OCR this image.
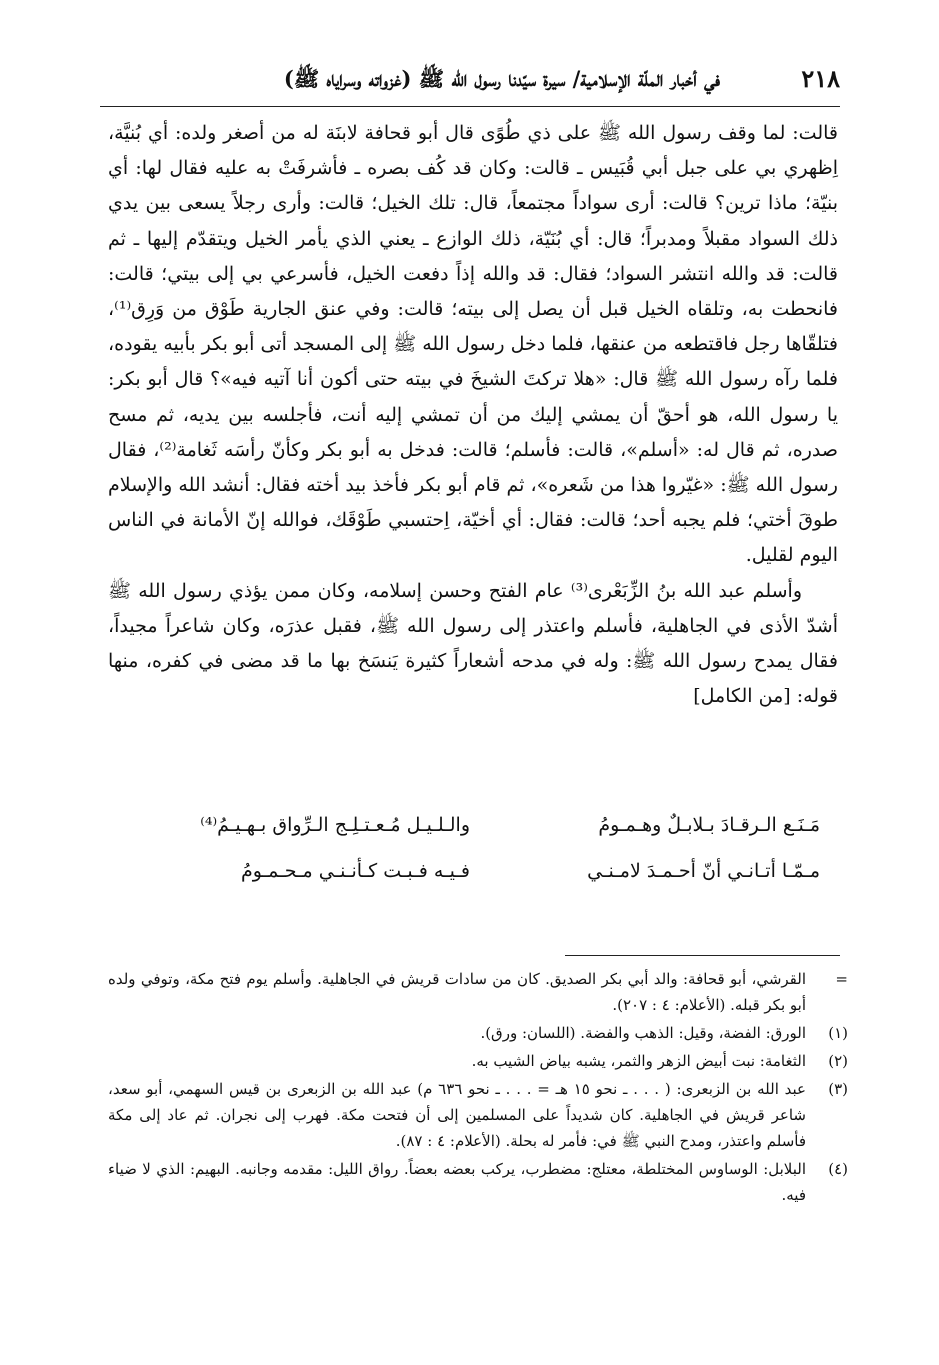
٢١٨
في أخبار الملّة الإسلامية/ سيرة سيّدنا رسول الله ﷺ (غزواته وسراياه ﷺ)

قالت: لما وقف رسول الله ﷺ على ذي طُوًى قال أبو قحافة لابنَة له من أصغر ولده: أي بُنيَّة، اِظهري بي على جبل أبي قُبَيس ـ قالت: وكان قد كُف بصره ـ فأشرفَتْ به عليه فقال لها: أي بنيّة؛ ماذا ترين؟ قالت: أرى سواداً مجتمعاً، قال: تلك الخيل؛ قالت: وأرى رجلاً يسعى بين يدي ذلك السواد مقبلاً ومدبراً؛ قال: أي بُنَيّة، ذلك الوازع ـ يعني الذي يأمر الخيل ويتقدّم إليها ـ ثم قالت: قد والله انتشر السواد؛ فقال: قد والله إذاً دفعت الخيل، فأسرعي بي إلى بيتي؛ قالت: فانحطت به، وتلقاه الخيل قبل أن يصل إلى بيته؛ قالت: وفي عنق الجارية طَوْق من وَرِق⁽¹⁾، فتلقّاها رجل فاقتطعه من عنقها، فلما دخل رسول الله ﷺ إلى المسجد أتى أبو بكر بأبيه يقوده، فلما رآه رسول الله ﷺ قال: «هلا تركتَ الشيخَ في بيته حتى أكون أنا آتيه فيه»؟ قال أبو بكر: يا رسول الله، هو أحقّ أن يمشي إليك من أن تمشي إليه أنت، فأجلسه بين يديه، ثم مسح صدره، ثم قال له: «أسلم»، قالت: فأسلم؛ قالت: فدخل به أبو بكر وكأنّ رأسَه ثَغامة⁽²⁾، فقال رسول الله ﷺ: «غيّروا هذا من شَعره»، ثم قام أبو بكر فأخذ بيد أخته فقال: أنشد الله والإسلام طوقَ أختي؛ فلم يجبه أحد؛ قالت: فقال: أي أخيّة، اِحتسبي طَوْقَك، فوالله إنّ الأمانة في الناس اليوم لقليل.

وأسلم عبد الله بنُ الزِّبَعْرى⁽³⁾ عام الفتح وحسن إسلامه، وكان ممن يؤذي رسول الله ﷺ أشدّ الأذى في الجاهلية، فأسلم واعتذر إلى رسول الله ﷺ، فقبل عذرَه، وكان شاعراً مجيداً، فقال يمدح رسول الله ﷺ: وله في مدحه أشعاراً كثيرة يَنسَخ بها ما قد مضى في كفره، منها قوله: [من الكامل]

مَـنَـع الـرقـادَ بـلابـلٌ وهـمـومُ
والـلـيـل مُـعـتـلِـج الـرِّواق بـهـيـمُ⁽⁴⁾
مـمّـا أتـانـي أنّ أحـمـدَ لامـنـي
فـيـه فـبـت كـأنـنـي مـحـمـومُ
=
القرشي، أبو قحافة: والد أبي بكر الصديق. كان من سادات قريش في الجاهلية. وأسلم يوم فتح مكة، وتوفي ولده أبو بكر قبله. (الأعلام: ٤ : ٢٠٧).
(١)
الورق: الفضة، وقيل: الذهب والفضة. (اللسان: ورق).
(٢)
الثغامة: نبت أبيض الزهر والثمر، يشبه بياض الشيب به.
(٣)
عبد الله بن الزبعرى: ( . . . ـ نحو ١٥ هـ = . . . ـ نحو ٦٣٦ م) عبد الله بن الزبعرى بن قيس السهمي، أبو سعد، شاعر قريش في الجاهلية. كان شديداً على المسلمين إلى أن فتحت مكة. فهرب إلى نجران. ثم عاد إلى مكة فأسلم واعتذر، ومدح النبي ﷺ في: فأمر له بحلة. (الأعلام: ٤ : ٨٧).
(٤)
البلابل: الوساوس المختلطة، معتلج: مضطرب، يركب بعضه بعضاً. رواق الليل: مقدمه وجانبه. البهيم: الذي لا ضياء فيه.
